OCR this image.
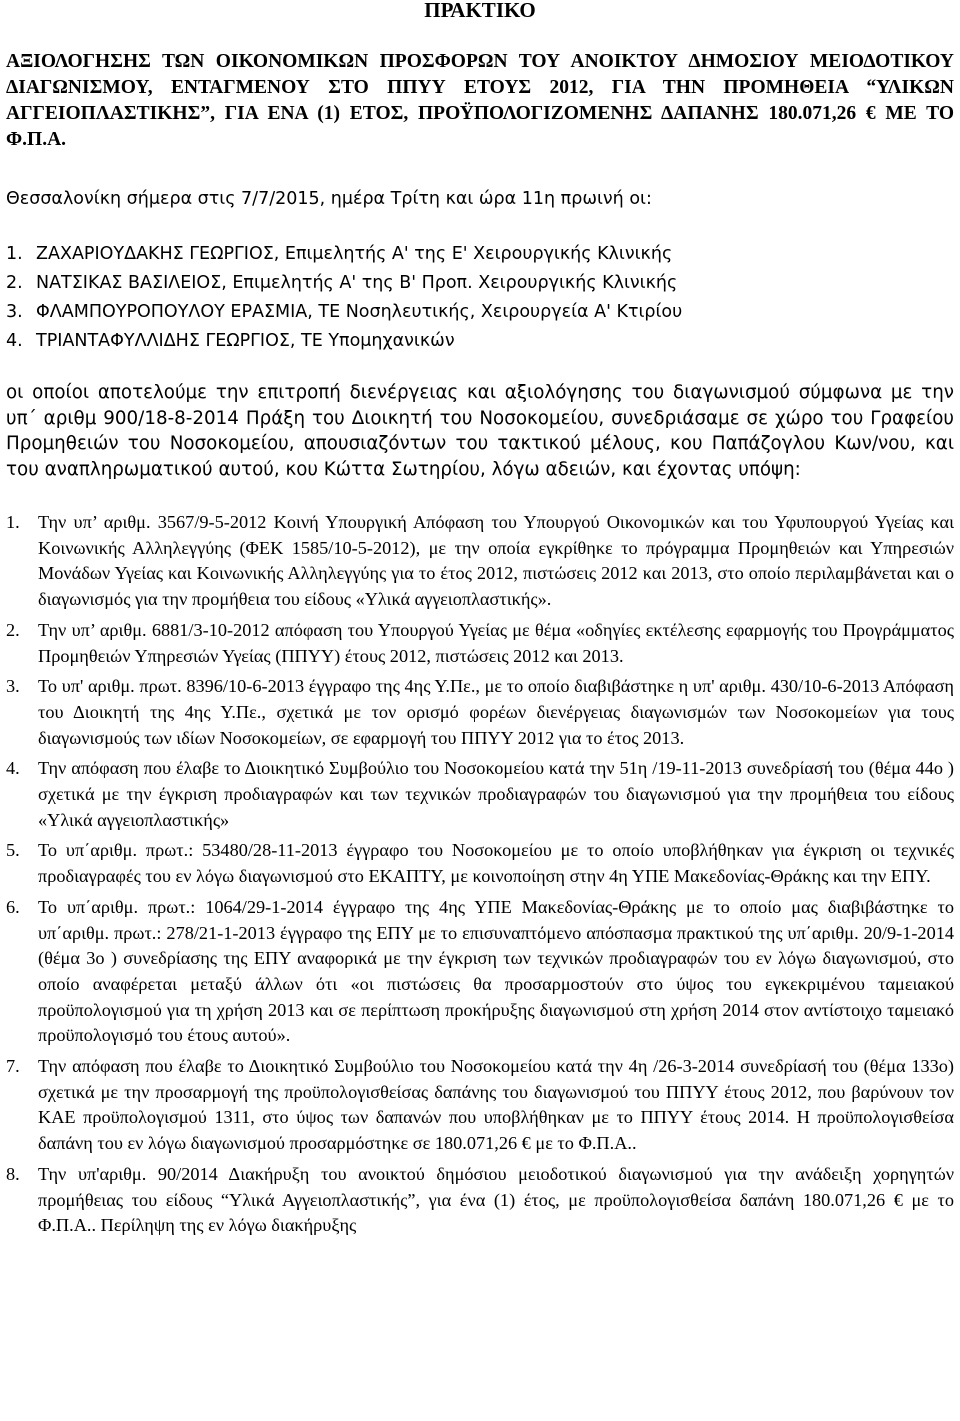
ΠΡΑΚΤΙΚΟ
ΑΞΙΟΛΟΓΗΣΗΣ ΤΩΝ ΟΙΚΟΝΟΜΙΚΩΝ ΠΡΟΣΦΟΡΩΝ ΤΟΥ ΑΝΟΙΚΤΟΥ ΔΗΜΟΣΙΟΥ ΜΕΙΟΔΟΤΙΚΟΥ ΔΙΑΓΩΝΙΣΜΟΥ, ΕΝΤΑΓΜΕΝΟΥ ΣΤΟ ΠΠΥΥ ΕΤΟΥΣ 2012, ΓΙΑ ΤΗΝ ΠΡΟΜΗΘΕΙΑ “ΥΛΙΚΩΝ ΑΓΓΕΙΟΠΛΑΣΤΙΚΗΣ”, ΓΙΑ ΕΝΑ (1) ΕΤΟΣ, ΠΡΟΫΠΟΛΟΓΙΖΟΜΕΝΗΣ ΔΑΠΑΝΗΣ 180.071,26 € ΜΕ ΤΟ Φ.Π.Α.
Θεσσαλονίκη σήμερα στις 7/7/2015, ημέρα Τρίτη και ώρα 11η πρωινή οι:
1. ΖΑΧΑΡΙΟΥΔΑΚΗΣ ΓΕΩΡΓΙΟΣ, Επιμελητής Α' της Ε' Χειρουργικής Κλινικής
2. ΝΑΤΣΙΚΑΣ ΒΑΣΙΛΕΙΟΣ, Επιμελητής Α' της Β' Προπ. Χειρουργικής Κλινικής
3. ΦΛΑΜΠΟΥΡΟΠΟΥΛΟΥ ΕΡΑΣΜΙΑ, ΤΕ Νοσηλευτικής, Χειρουργεία Α' Κτιρίου
4. ΤΡΙΑΝΤΑΦΥΛΛΙΔΗΣ ΓΕΩΡΓΙΟΣ, ΤΕ Υπομηχανικών
οι οποίοι αποτελούμε την επιτροπή διενέργειας και αξιολόγησης του διαγωνισμού σύμφωνα με την υπ΄ αριθμ 900/18-8-2014 Πράξη του Διοικητή του Νοσοκομείου, συνεδριάσαμε σε χώρο του Γραφείου Προμηθειών του Νοσοκομείου, απουσιαζόντων του τακτικού μέλους, κου Παπάζογλου Κων/νου, και του αναπληρωματικού αυτού, κου Κώττα Σωτηρίου, λόγω αδειών, και έχοντας υπόψη:
1. Την υπ’ αριθμ. 3567/9-5-2012 Κοινή Υπουργική Απόφαση του Υπουργού Οικονομικών και του Υφυπουργού Υγείας και Κοινωνικής Αλληλεγγύης (ΦΕΚ 1585/10-5-2012), με την οποία εγκρίθηκε το πρόγραμμα Προμηθειών και Υπηρεσιών Μονάδων Υγείας και Κοινωνικής Αλληλεγγύης για το έτος 2012, πιστώσεις 2012 και 2013, στο οποίο περιλαμβάνεται και ο διαγωνισμός για την προμήθεια του είδους «Υλικά αγγειοπλαστικής».
2. Την υπ’ αριθμ. 6881/3-10-2012 απόφαση του Υπουργού Υγείας με θέμα «οδηγίες εκτέλεσης εφαρμογής του Προγράμματος Προμηθειών Υπηρεσιών Υγείας (ΠΠΥΥ) έτους 2012, πιστώσεις 2012 και 2013.
3. Το υπ' αριθμ. πρωτ. 8396/10-6-2013 έγγραφο της 4ης Υ.Πε., με το οποίο διαβιβάστηκε η υπ' αριθμ. 430/10-6-2013 Απόφαση του Διοικητή της 4ης Υ.Πε., σχετικά με τον ορισμό φορέων διενέργειας διαγωνισμών των Νοσοκομείων για τους διαγωνισμούς των ιδίων Νοσοκομείων, σε εφαρμογή του ΠΠΥΥ 2012 για το έτος 2013.
4. Την απόφαση που έλαβε το Διοικητικό Συμβούλιο του Νοσοκομείου κατά την 51η /19-11-2013 συνεδρίασή του (θέμα 44ο ) σχετικά με την έγκριση προδιαγραφών και των τεχνικών προδιαγραφών του διαγωνισμού για την προμήθεια του είδους «Υλικά αγγειοπλαστικής»
5. Το υπ΄αριθμ. πρωτ.: 53480/28-11-2013 έγγραφο του Νοσοκομείου με το οποίο υποβλήθηκαν για έγκριση οι τεχνικές προδιαγραφές του εν λόγω διαγωνισμού στο ΕΚΑΠΤΥ, με κοινοποίηση στην 4η ΥΠΕ Μακεδονίας-Θράκης και την ΕΠΥ.
6. Το υπ΄αριθμ. πρωτ.: 1064/29-1-2014 έγγραφο της 4ης ΥΠΕ Μακεδονίας-Θράκης με το οποίο μας διαβιβάστηκε το υπ΄αριθμ. πρωτ.: 278/21-1-2013 έγγραφο της ΕΠΥ με το επισυναπτόμενο απόσπασμα πρακτικού της υπ΄αριθμ. 20/9-1-2014 (θέμα 3ο ) συνεδρίασης της ΕΠΥ αναφορικά με την έγκριση των τεχνικών προδιαγραφών του εν λόγω διαγωνισμού, στο οποίο αναφέρεται μεταξύ άλλων ότι «οι πιστώσεις θα προσαρμοστούν στο ύψος του εγκεκριμένου ταμειακού προϋπολογισμού για τη χρήση 2013 και σε περίπτωση προκήρυξης διαγωνισμού στη χρήση 2014 στον αντίστοιχο ταμειακό προϋπολογισμό του έτους αυτού».
7. Την απόφαση που έλαβε το Διοικητικό Συμβούλιο του Νοσοκομείου κατά την 4η /26-3-2014 συνεδρίασή του (θέμα 133ο) σχετικά με την προσαρμογή της προϋπολογισθείσας δαπάνης του διαγωνισμού του ΠΠΥΥ έτους 2012, που βαρύνουν τον ΚΑΕ προϋπολογισμού 1311, στο ύψος των δαπανών που υποβλήθηκαν με το ΠΠΥΥ έτους 2014. Η προϋπολογισθείσα δαπάνη του εν λόγω διαγωνισμού προσαρμόστηκε σε 180.071,26 € με το Φ.Π.Α..
8. Την υπ'αριθμ. 90/2014 Διακήρυξη του ανοικτού δημόσιου μειοδοτικού διαγωνισμού για την ανάδειξη χορηγητών προμήθειας του είδους “Υλικά Αγγειοπλαστικής”, για ένα (1) έτος, με προϋπολογισθείσα δαπάνη 180.071,26 € με το Φ.Π.Α.. Περίληψη της εν λόγω διακήρυξης
